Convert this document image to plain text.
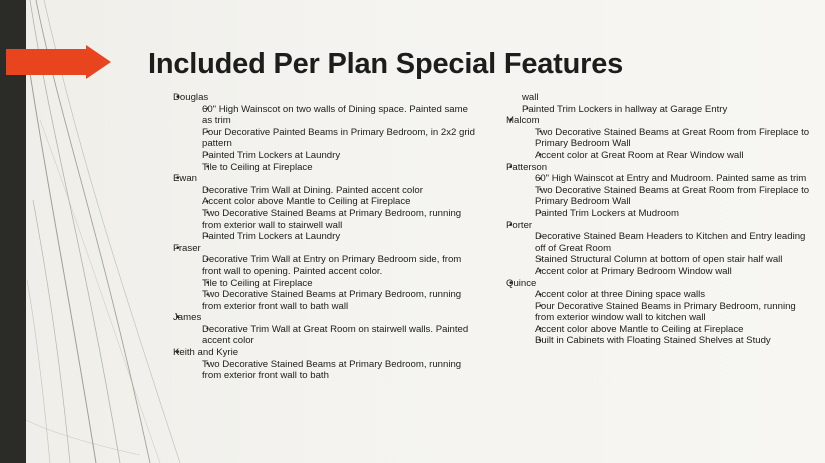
Included Per Plan Special Features
• Douglas
• 60" High Wainscot on two walls of Dining space. Painted same as trim
• Four Decorative Painted Beams in Primary Bedroom, in 2x2 grid pattern
• Painted Trim Lockers at Laundry
• Tile to Ceiling at Fireplace
• Ewan
• Decorative Trim Wall at Dining. Painted accent color
• Accent color above Mantle to Ceiling at Fireplace
• Two Decorative Stained Beams at Primary Bedroom, running from exterior wall to stairwell wall
• Painted Trim Lockers at Laundry
• Fraser
• Decorative Trim Wall at Entry on Primary Bedroom side, from front wall to opening. Painted accent color.
• Tile to Ceiling at Fireplace
• Two Decorative Stained Beams at Primary Bedroom, running from exterior front wall to bath wall
• James
• Decorative Trim Wall at Great Room on stairwell walls. Painted accent color
• Keith and Kyrie
• Two Decorative Stained Beams at Primary Bedroom, running from exterior front wall to bath
wall
• Painted Trim Lockers in hallway at Garage Entry
• Malcom
• Two Decorative Stained Beams at Great Room from Fireplace to Primary Bedroom Wall
• Accent color at Great Room at Rear Window wall
• Patterson
• 60" High Wainscot at Entry and Mudroom. Painted same as trim
• Two Decorative Stained Beams at Great Room from Fireplace to Primary Bedroom Wall
• Painted Trim Lockers at Mudroom
• Porter
• Decorative Stained Beam Headers to Kitchen and Entry leading off of Great Room
• Stained Structural Column at bottom of open stair half wall
• Accent color at Primary Bedroom Window wall
• Quince
• Accent color at three Dining space walls
• Four Decorative Stained Beams in Primary Bedroom, running from exterior window wall to kitchen wall
• Accent color above Mantle to Ceiling at Fireplace
• Built in Cabinets with Floating Stained Shelves at Study
